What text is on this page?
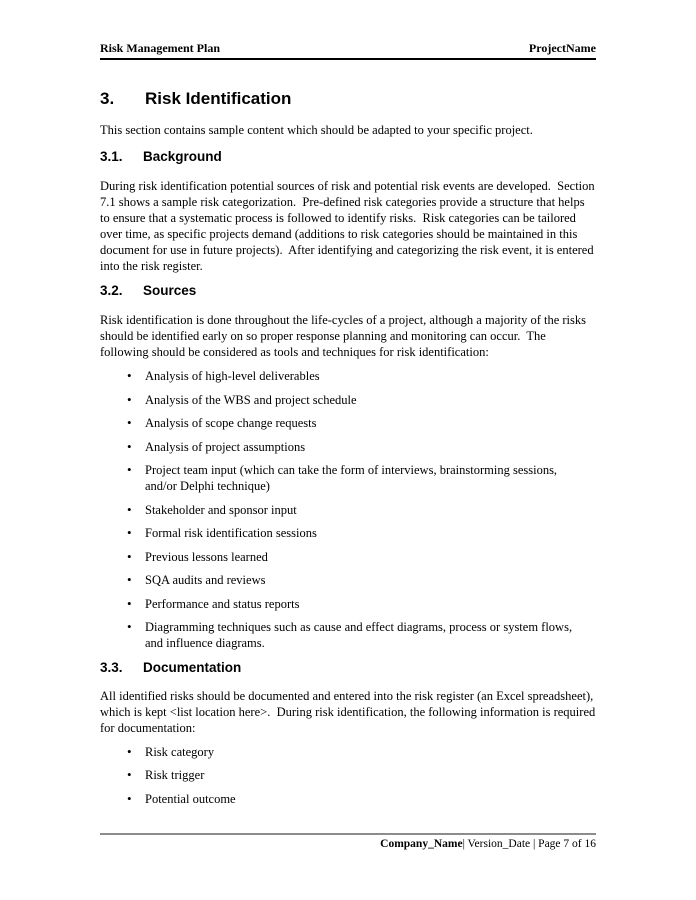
Risk Management Plan	ProjectName
3. Risk Identification

This section contains sample content which should be adapted to your specific project.

3.1. Background

During risk identification potential sources of risk and potential risk events are developed.  Section 7.1 shows a sample risk categorization.  Pre-defined risk categories provide a structure that helps to ensure that a systematic process is followed to identify risks.  Risk categories can be tailored over time, as specific projects demand (additions to risk categories should be maintained in this document for use in future projects).  After identifying and categorizing the risk event, it is entered into the risk register.

3.2. Sources

Risk identification is done throughout the life-cycles of a project, although a majority of the risks should be identified early on so proper response planning and monitoring can occur.  The following should be considered as tools and techniques for risk identification:

• Analysis of high-level deliverables
• Analysis of the WBS and project schedule
• Analysis of scope change requests
• Analysis of project assumptions
• Project team input (which can take the form of interviews, brainstorming sessions, and/or Delphi technique)
• Stakeholder and sponsor input
• Formal risk identification sessions
• Previous lessons learned
• SQA audits and reviews
• Performance and status reports
• Diagramming techniques such as cause and effect diagrams, process or system flows, and influence diagrams.
3.3. Documentation

All identified risks should be documented and entered into the risk register (an Excel spreadsheet), which is kept <list location here>.  During risk identification, the following information is required for documentation:

• Risk category
• Risk trigger
• Potential outcome
Company_Name| Version_Date | Page 7 of 16
